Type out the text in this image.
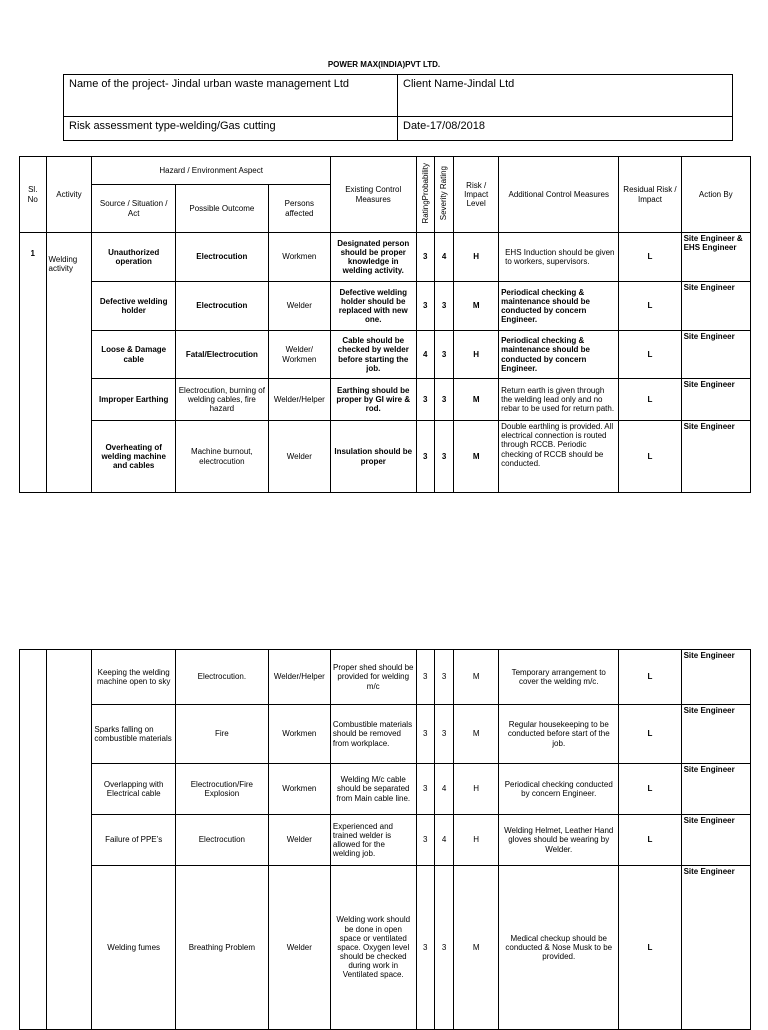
POWER MAX(INDIA)PVT LTD.
Name of the project- Jindal urban waste management Ltd	Client Name-Jindal Ltd
Risk assessment type-welding/Gas cutting	Date-17/08/2018
Sl. No	Activity	Hazard / Environment Aspect			Existing Control Measures	RatingProbability	Severity Rating	Risk / Impact Level	Additional Control Measures	Residual Risk / Impact	Action By
		Source / Situation / Act	Possible Outcome	Persons affected							
1	Welding activity	Unauthorized operation	Electrocution	Workmen	Designated person should be proper knowledge in welding activity.	3	4	H	EHS Induction should be given to workers, supervisors.	L	Site Engineer & EHS Engineer
		Defective welding holder	Electrocution	Welder	Defective welding holder should be replaced with new one.	3	3	M	Periodical checking & maintenance should be conducted by concern Engineer.	L	Site Engineer
		Loose & Damage cable	Fatal/Electrocution	Welder/ Workmen	Cable should be checked by welder before starting the job.	4	3	H	Periodical checking & maintenance should be conducted by concern Engineer.	L	Site Engineer
		Improper Earthing	Electrocution, burning of welding cables, fire hazard	Welder/Helper	Earthing should be proper by GI wire & rod.	3	3	M	Return earth is given through the welding lead only and no rebar to be used for return path.	L	Site Engineer
		Overheating of welding machine and cables	Machine burnout, electrocution	Welder	Insulation should be proper	3	3	M	Double earthling is provided. All electrical connection is routed through RCCB. Periodic checking of RCCB should be conducted.	L	Site Engineer
		Keeping the welding machine open to sky	Electrocution.	Welder/Helper	Proper shed should be provided for welding m/c	3	3	M	Temporary arrangement to cover the welding m/c.	L	Site Engineer
		Sparks falling on combustible materials	Fire	Workmen	Combustible materials should be removed from workplace.	3	3	M	Regular housekeeping to be conducted before start of the job.	L	Site Engineer
		Overlapping with Electrical cable	Electrocution/Fire Explosion	Workmen	Welding M/c cable should be separated from Main cable line.	3	4	H	Periodical checking conducted by concern Engineer.	L	Site Engineer
		Failure of PPE’s	Electrocution	Welder	Experienced and trained welder is allowed for the welding job.	3	4	H	Welding Helmet, Leather Hand gloves should be wearing by Welder.	L	Site Engineer
		Welding fumes	Breathing Problem	Welder	Welding work should be done in open space or ventilated space. Oxygen level should be checked during work in Ventilated space.	3	3	M	Medical checkup should be conducted & Nose Musk to be provided.	L	Site Engineer
